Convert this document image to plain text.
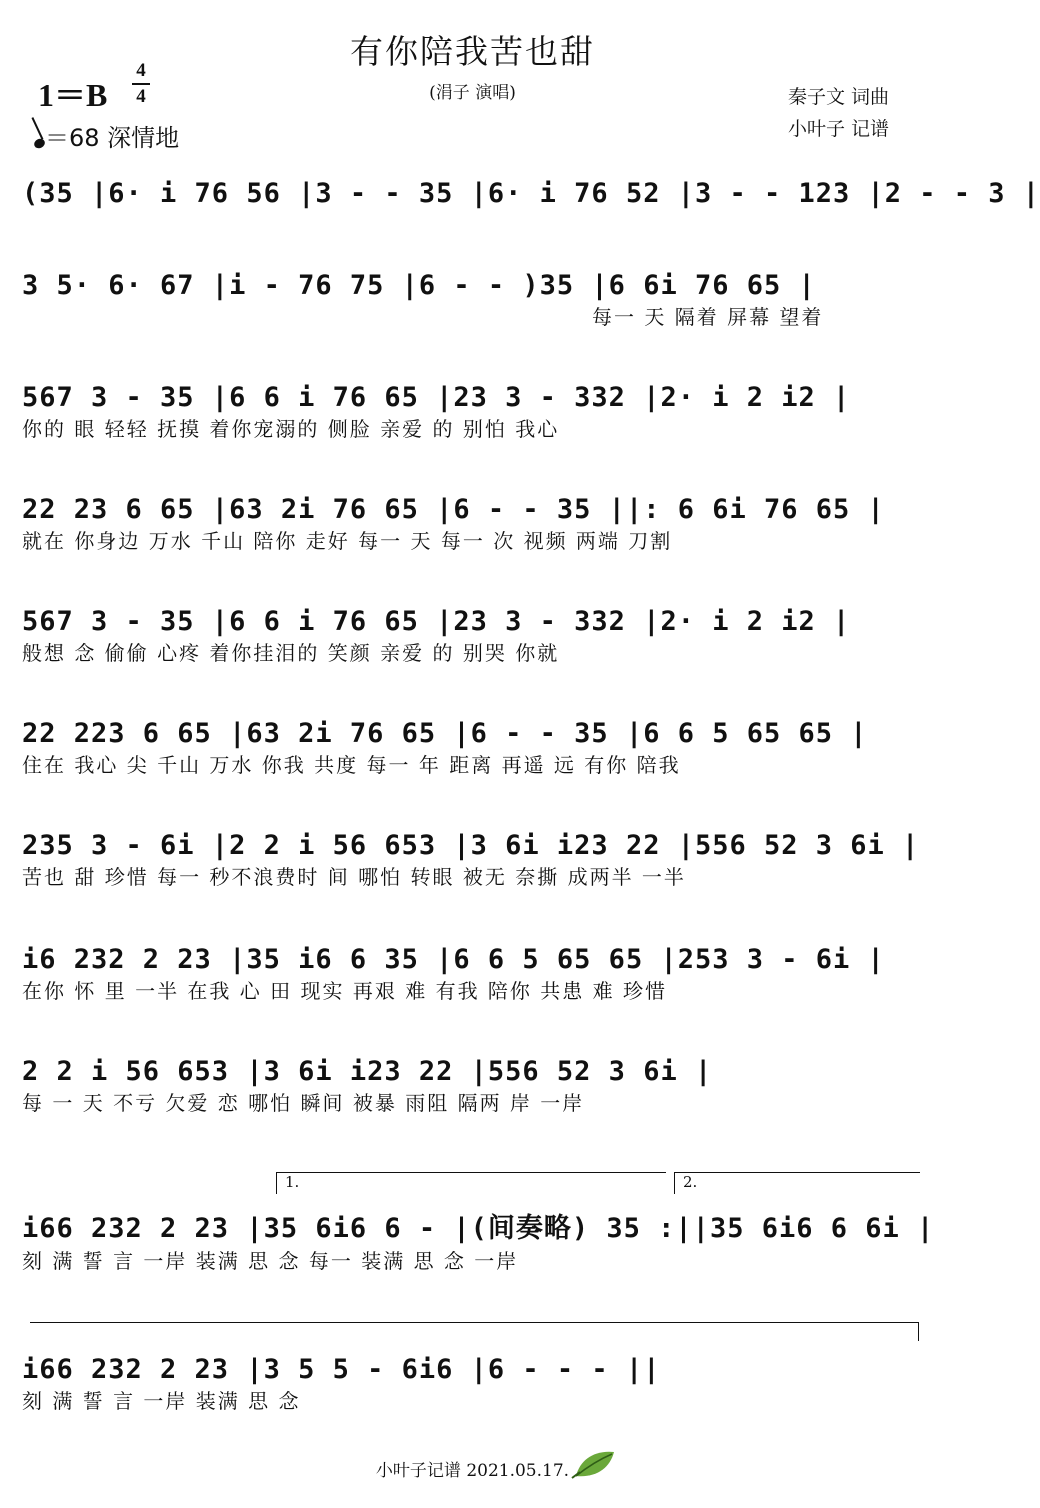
有你陪我苦也甜
(涓子 演唱)
1＝B
4
4
＝68 深情地
秦子文 词曲
小叶子 记谱
(35 |6· i 76 56 |3 - - 35 |6· i 76 52 |3 - - 123 |2 - - 3 |
3 5· 6· 67 |i - 76 75 |6 - - )35 |6 6i 76 65 |
每一 天 隔着 屏幕 望着
567 3 - 35 |6 6 i 76 65 |23 3 - 332 |2· i 2 i2 |
你的 眼 轻轻 抚摸 着你宠溺的 侧脸 亲爱 的 别怕 我心
22 23 6 65 |63 2i 76 65 |6 - - 35 ||: 6 6i 76 65 |
就在 你身边 万水 千山 陪你 走好 每一 天 每一 次 视频 两端 刀割
567 3 - 35 |6 6 i 76 65 |23 3 - 332 |2· i 2 i2 |
般想 念 偷偷 心疼 着你挂泪的 笑颜 亲爱 的 别哭 你就
22 223 6 65 |63 2i 76 65 |6 - - 35 |6 6 5 65 65 |
住在 我心 尖 千山 万水 你我 共度 每一 年 距离 再遥 远 有你 陪我
235 3 - 6i |2 2 i 56 653 |3 6i i23 22 |556 52 3 6i |
苦也 甜 珍惜 每一 秒不浪费时 间 哪怕 转眼 被无 奈撕 成两半 一半
i6 232 2 23 |35 i6 6 35 |6 6 5 65 65 |253 3 - 6i |
在你 怀 里 一半 在我 心 田 现实 再艰 难 有我 陪你 共患 难 珍惜
2 2 i 56 653 |3 6i i23 22 |556 52 3 6i |
每 一 天 不亏 欠爱 恋 哪怕 瞬间 被暴 雨阻 隔两 岸 一岸
1.	2.
i66 232 2 23 |35 6i6 6 - |(间奏略) 35 :||35 6i6 6 6i |
刻 满 誓 言 一岸 装满 思 念 每一 装满 思 念 一岸
i66 232 2 23 |3 5 5 - 6i6 |6 - - - ||
刻 满 誓 言 一岸 装满 思 念
小叶子记谱 2021.05.17.
